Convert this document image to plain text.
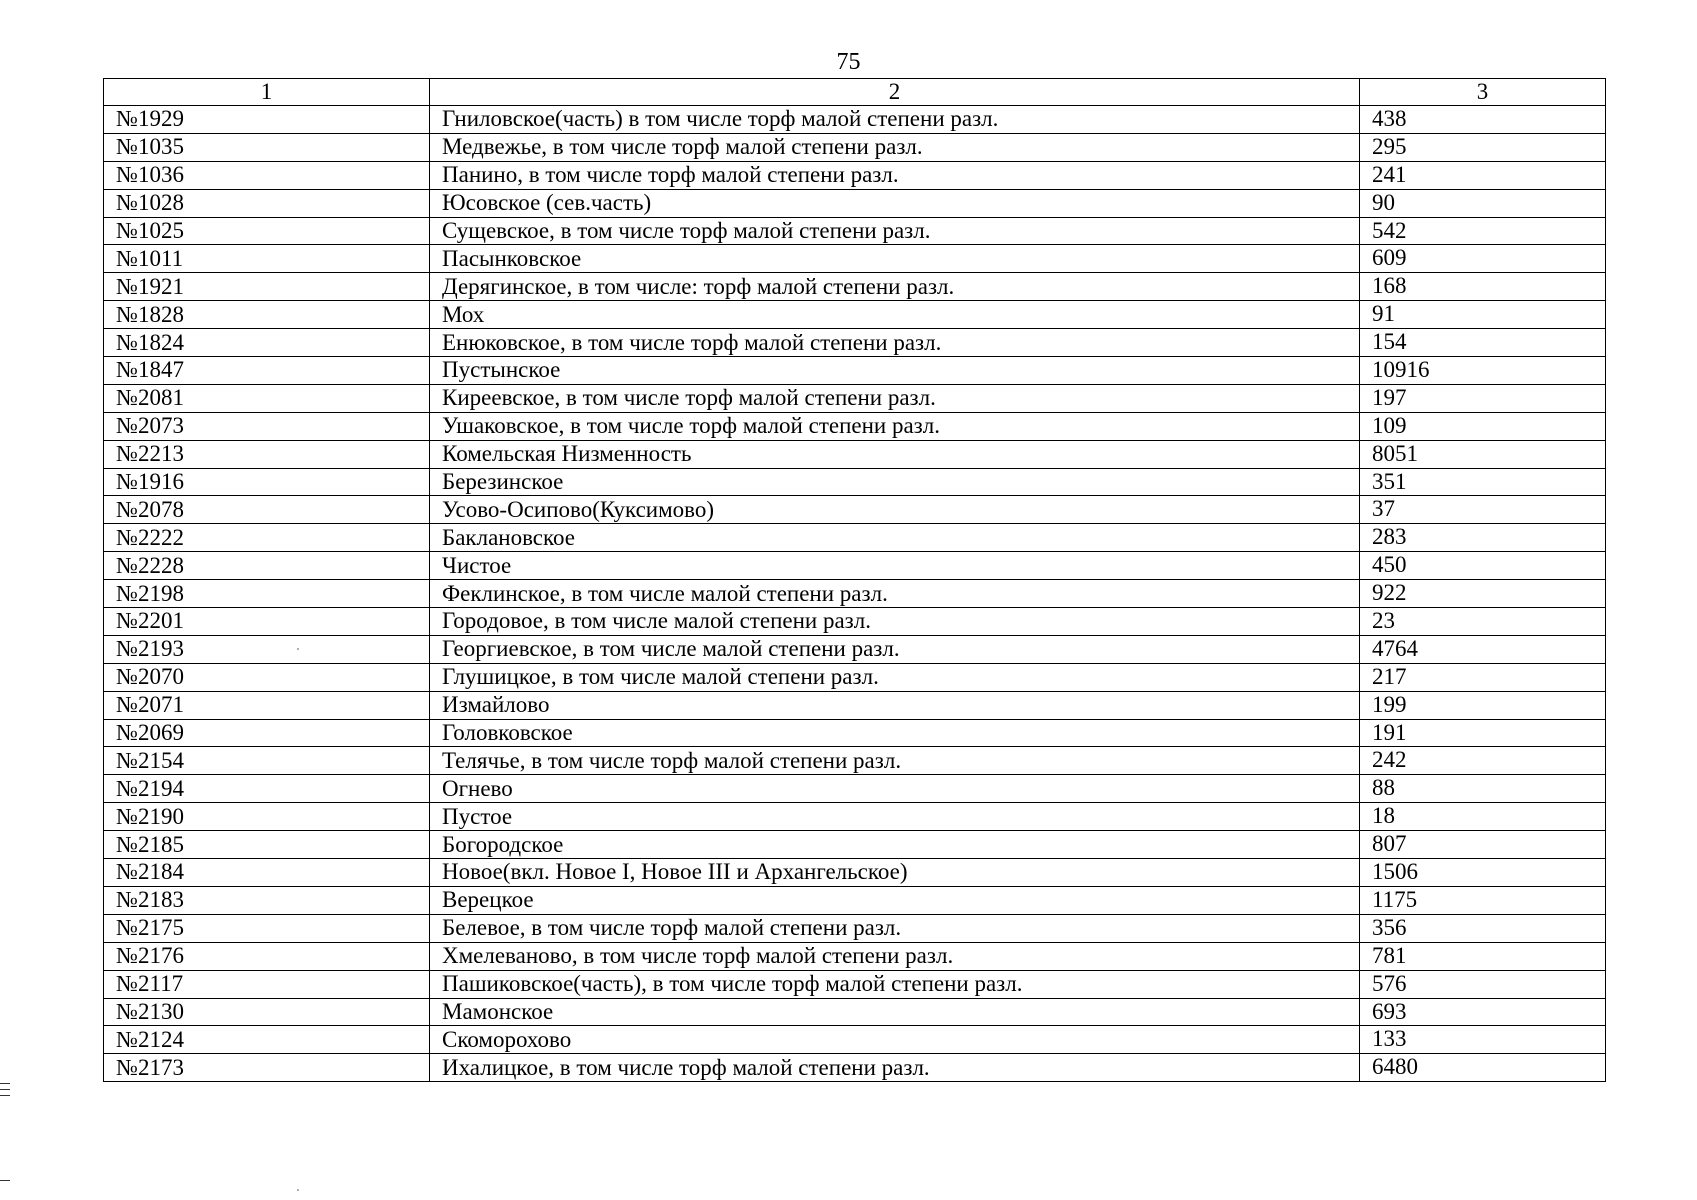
75
1	2	3
№1929	Гниловское(часть) в том числе торф малой степени разл.	438
№1035	Медвежье, в том числе торф малой степени разл.	295
№1036	Панино, в том числе торф малой степени разл.	241
№1028	Юсовское (сев.часть)	90
№1025	Сущевское, в том числе торф малой степени разл.	542
№1011	Пасынковское	609
№1921	Дерягинское, в том числе: торф малой степени разл.	168
№1828	Мох	91
№1824	Енюковское, в том числе торф малой степени разл.	154
№1847	Пустынское	10916
№2081	Киреевское, в том числе торф малой степени разл.	197
№2073	Ушаковское, в том числе торф малой степени разл.	109
№2213	Комельская Низменность	8051
№1916	Березинское	351
№2078	Усово-Осипово(Куксимово)	37
№2222	Баклановское	283
№2228	Чистое	450
№2198	Феклинское, в том числе малой степени разл.	922
№2201	Городовое, в том числе малой степени разл.	23
№2193	Георгиевское, в том числе малой степени разл.	4764
№2070	Глушицкое, в том числе малой степени разл.	217
№2071	Измайлово	199
№2069	Головковское	191
№2154	Телячье, в том числе торф малой степени разл.	242
№2194	Огнево	88
№2190	Пустое	18
№2185	Богородское	807
№2184	Новое(вкл. Новое I, Новое III и Архангельское)	1506
№2183	Верецкое	1175
№2175	Белевое, в том числе торф малой степени разл.	356
№2176	Хмелеваново, в том числе торф малой степени разл.	781
№2117	Пашиковское(часть), в том числе торф малой степени разл.	576
№2130	Мамонское	693
№2124	Скоморохово	133
№2173	Ихалицкое, в том числе торф малой степени разл.	6480
